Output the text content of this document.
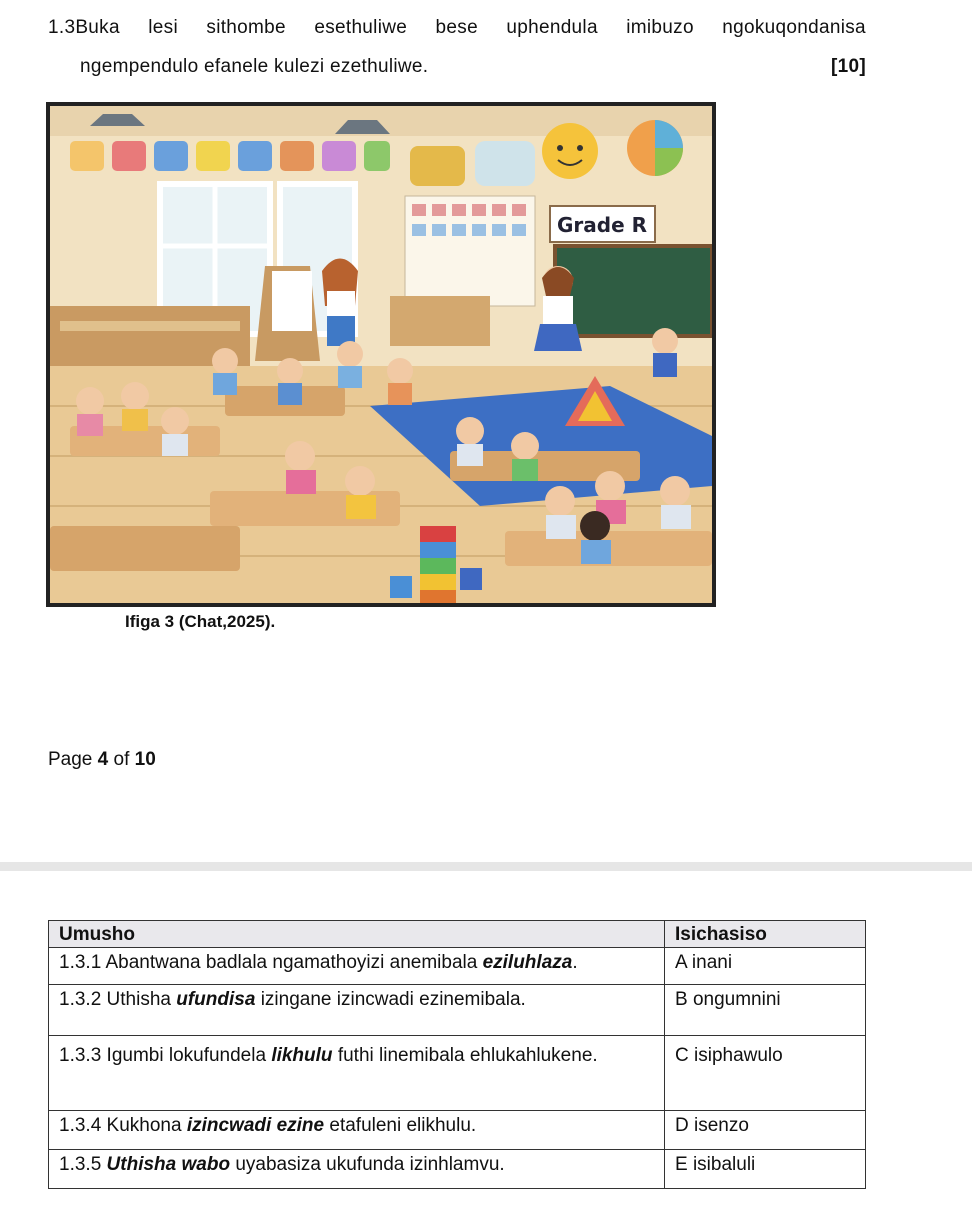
1.3Buka lesi sithombe esethuliwe bese uphendula imibuzo ngokuqondanisa
ngempendulo efanele kulezi ezethuliwe.	[10]
Grade R
Ifiga 3 (Chat,2025).
Page 4 of 10
Umusho	Isichasiso
1.3.1 Abantwana badlala ngamathoyizi anemibala eziluhlaza.	A inani
1.3.2 Uthisha ufundisa izingane izincwadi ezinemibala.	B ongumnini
1.3.3 Igumbi lokufundela likhulu futhi linemibala ehlukahlukene.	C isiphawulo
1.3.4 Kukhona izincwadi ezine etafuleni elikhulu.	D isenzo
1.3.5 Uthisha wabo uyabasiza ukufunda izinhlamvu.	E isibaluli
